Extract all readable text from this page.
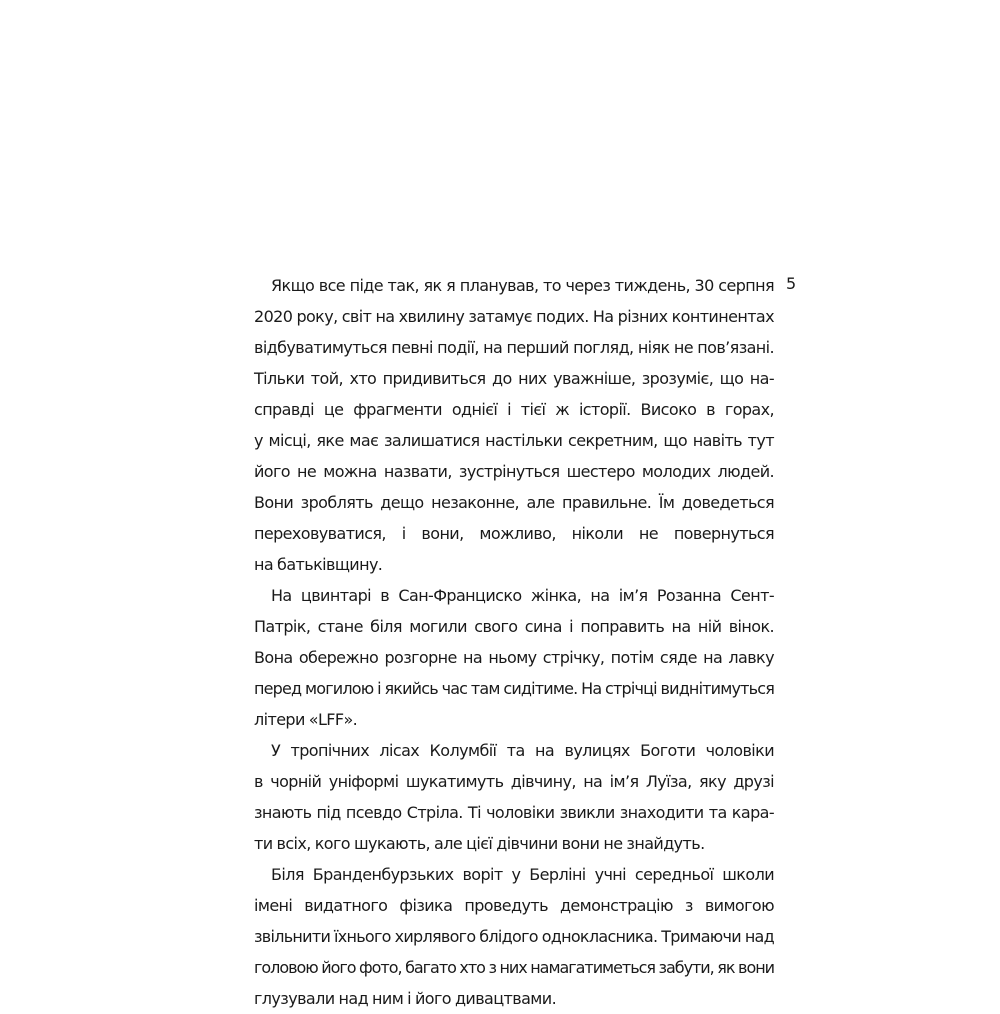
5
Якщо все піде так, як я планував, то через тиждень, 30 серпня
2020 року, світ на хвилину затамує подих. На різних континентах
відбуватимуться певні події, на перший погляд, ніяк не пов’язані.
Тільки той, хто придивиться до них уважніше, зрозуміє, що на-
справді це фрагменти однієї і тієї ж історії. Високо в горах,
у місці, яке має залишатися настільки секретним, що навіть тут
його не можна назвати, зустрінуться шестеро молодих людей.
Вони зроблять дещо незаконне, але правильне. Їм доведеться
переховуватися, і вони, можливо, ніколи не повернуться
на батьківщину.
На цвинтарі в Сан-Франциско жінка, на ім’я Розанна Сент-
Патрік, стане біля могили свого сина і поправить на ній вінок.
Вона обережно розгорне на ньому стрічку, потім сяде на лавку
перед могилою і якийсь час там сидітиме. На стрічці виднітимуться
літери «LFF».
У тропічних лісах Колумбії та на вулицях Боготи чоловіки
в чорній уніформі шукатимуть дівчину, на ім’я Луїза, яку друзі
знають під псевдо Стріла. Ті чоловіки звикли знаходити та кара-
ти всіх, кого шукають, але цієї дівчини вони не знайдуть.
Біля Бранденбурзьких воріт у Берліні учні середньої школи
імені видатного фізика проведуть демонстрацію з вимогою
звільнити їхнього хирлявого блідого однокласника. Тримаючи над
головою його фото, багато хто з них намагатиметься забути, як вони
глузували над ним і його дивацтвами.
